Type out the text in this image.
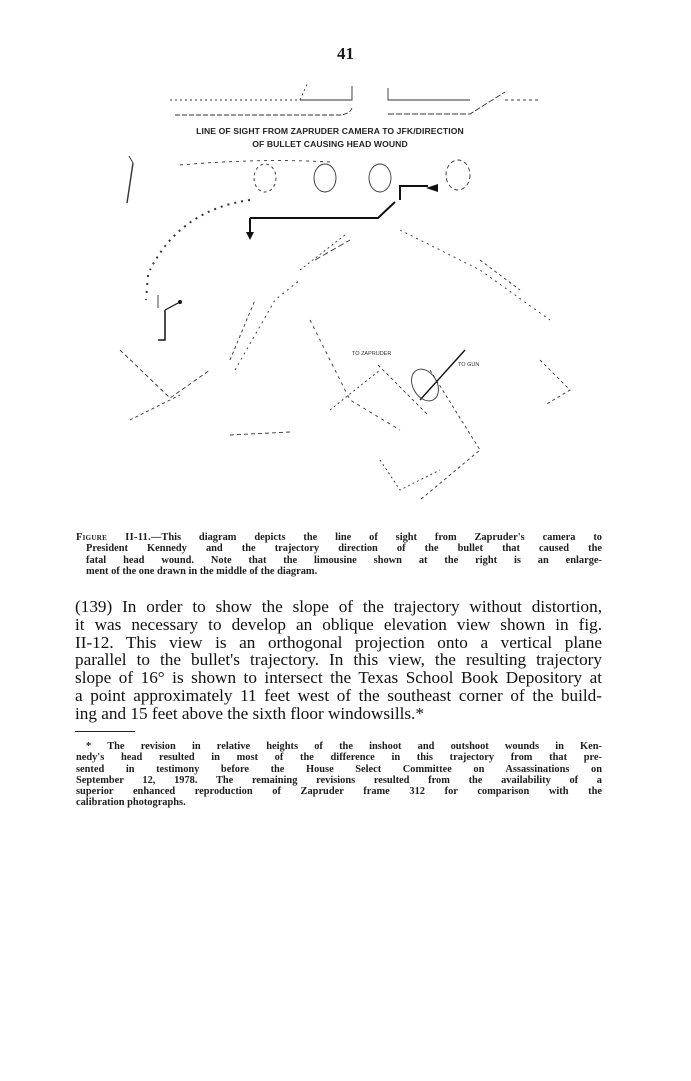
41
TO ZAPRUDER
TO GUN
LINE OF SIGHT FROM ZAPRUDER CAMERA TO JFK/DIRECTION
OF BULLET CAUSING HEAD WOUND
Figure II-11.—This diagram depicts the line of sight from Zapruder's camera to
President Kennedy and the trajectory direction of the bullet that caused the
fatal head wound. Note that the limousine shown at the right is an enlarge-
ment of the one drawn in the middle of the diagram.
(139) In order to show the slope of the trajectory without distortion,
it was necessary to develop an oblique elevation view shown in fig.
II-12. This view is an orthogonal projection onto a vertical plane
parallel to the bullet's trajectory. In this view, the resulting trajectory
slope of 16° is shown to intersect the Texas School Book Depository at
a point approximately 11 feet west of the southeast corner of the build-
ing and 15 feet above the sixth floor windowsills.*
* The revision in relative heights of the inshoot and outshoot wounds in Ken-
nedy's head resulted in most of the difference in this trajectory from that pre-
sented in testimony before the House Select Committee on Assassinations on
September 12, 1978. The remaining revisions resulted from the availability of a
superior enhanced reproduction of Zapruder frame 312 for comparison with the
calibration photographs.
